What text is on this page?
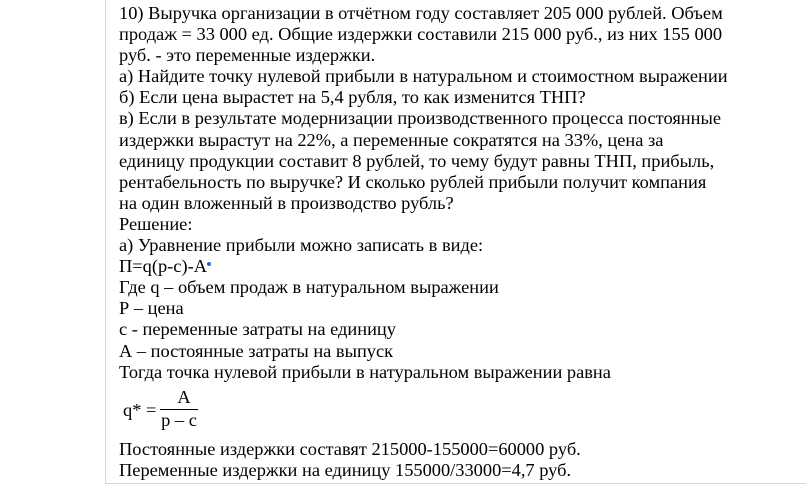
10) Выручка организации в отчётном году составляет 205 000 рублей. Объем
продаж = 33 000 ед. Общие издержки составили 215 000 руб., из них 155 000
руб. - это переменные издержки.
а) Найдите точку нулевой прибыли в натуральном и стоимостном выражении
б) Если цена вырастет на 5,4 рубля, то как изменится ТНП?
в) Если в результате модернизации производственного процесса постоянные
издержки вырастут на 22%, а переменные сократятся на 33%, цена за
единицу продукции составит 8 рублей, то чему будут равны ТНП, прибыль,
рентабельность по выручке? И сколько рублей прибыли получит компания
на один вложенный в производство рубль?
Решение:
а) Уравнение прибыли можно записать в виде:
П=q(p-c)-A
Где q – объем продаж в натуральном выражении
Р – цена
с - переменные затраты на единицу
А – постоянные затраты на выпуск
Тогда точка нулевой прибыли в натуральном выражении равна
q* =
A
p – c
Постоянные издержки составят 215000-155000=60000 руб.
Переменные издержки на единицу 155000/33000=4,7 руб.
